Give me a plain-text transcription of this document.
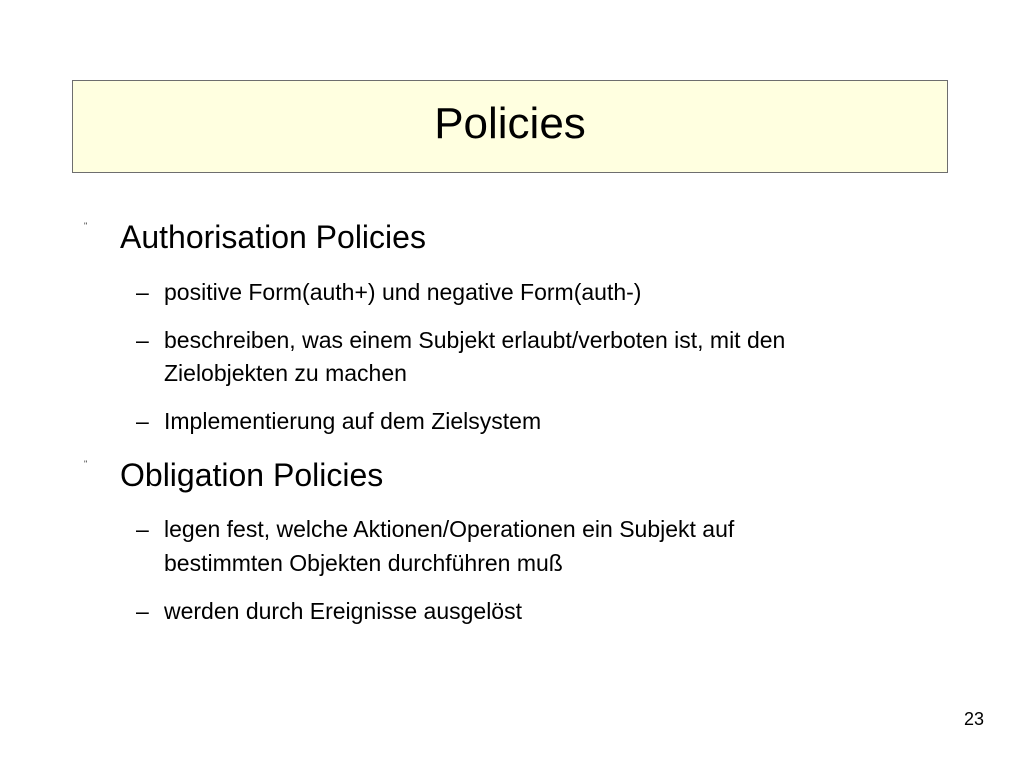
Policies
" Authorisation Policies
– positive Form(auth+) und negative Form(auth-)
– beschreiben, was einem Subjekt erlaubt/verboten ist, mit den
Zielobjekten zu machen
– Implementierung auf dem Zielsystem
" Obligation Policies
– legen fest, welche Aktionen/Operationen ein Subjekt auf
bestimmten Objekten durchführen muß
– werden durch Ereignisse ausgelöst
23
